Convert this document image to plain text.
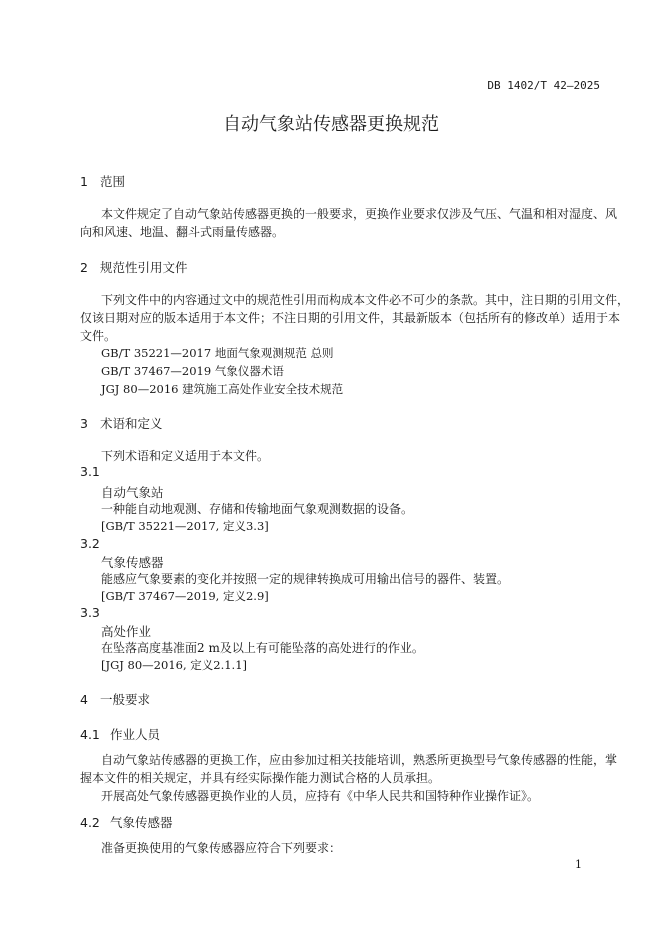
DB 1402/T 42—2025
自动气象站传感器更换规范
1 范围
本文件规定了自动气象站传感器更换的一般要求，更换作业要求仅涉及气压、气温和相对湿度、风
向和风速、地温、翻斗式雨量传感器。
2 规范性引用文件
下列文件中的内容通过文中的规范性引用而构成本文件必不可少的条款。其中，注日期的引用文件，
仅该日期对应的版本适用于本文件；不注日期的引用文件，其最新版本（包括所有的修改单）适用于本
文件。
GB/T 35221—2017 地面气象观测规范 总则
GB/T 37467—2019 气象仪器术语
JGJ 80—2016 建筑施工高处作业安全技术规范
3 术语和定义
下列术语和定义适用于本文件。
3.1
自动气象站
一种能自动地观测、存储和传输地面气象观测数据的设备。
[GB/T 35221—2017, 定义3.3]
3.2
气象传感器
能感应气象要素的变化并按照一定的规律转换成可用输出信号的器件、装置。
[GB/T 37467—2019, 定义2.9]
3.3
高处作业
在坠落高度基准面2 m及以上有可能坠落的高处进行的作业。
[JGJ 80—2016, 定义2.1.1]
4 一般要求
4.1 作业人员
自动气象站传感器的更换工作，应由参加过相关技能培训，熟悉所更换型号气象传感器的性能，掌
握本文件的相关规定，并具有经实际操作能力测试合格的人员承担。
开展高处气象传感器更换作业的人员，应持有《中华人民共和国特种作业操作证》。
4.2 气象传感器
准备更换使用的气象传感器应符合下列要求：
1
